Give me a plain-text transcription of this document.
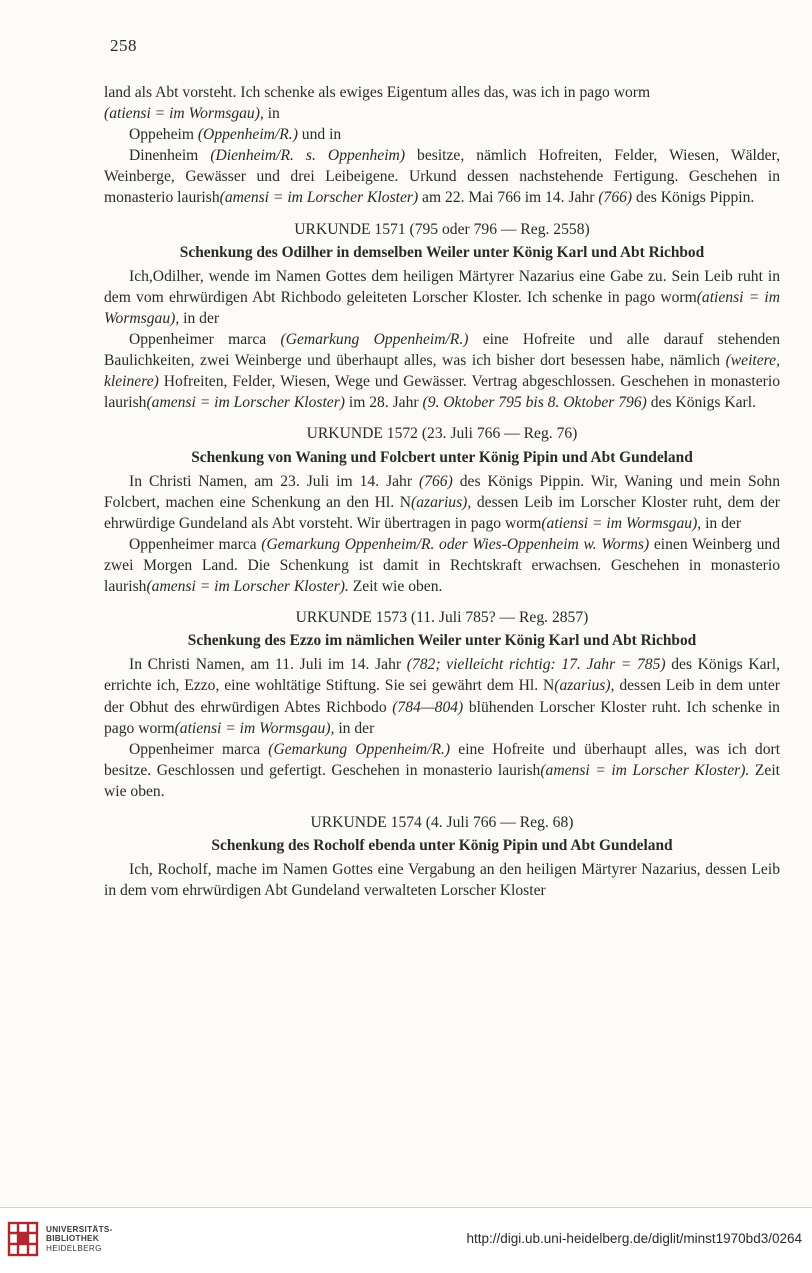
258

land als Abt vorsteht. Ich schenke als ewiges Eigentum alles das, was ich in pago worm
(atiensi = im Wormsgau), in

Oppeheim (Oppenheim/R.) und in

Dinenheim (Dienheim/R. s. Oppenheim) besitze, nämlich Hofreiten, Felder, Wiesen, Wälder, Weinberge, Gewässer und drei Leibeigene. Urkund dessen nachstehende Fertigung. Geschehen in monasterio laurish(amensi = im Lorscher Kloster) am 22. Mai 766 im 14. Jahr (766) des Königs Pippin.

URKUNDE 1571 (795 oder 796 — Reg. 2558)
Schenkung des Odilher in demselben Weiler unter König Karl und Abt Richbod

Ich,Odilher, wende im Namen Gottes dem heiligen Märtyrer Nazarius eine Gabe zu. Sein Leib ruht in dem vom ehrwürdigen Abt Richbodo geleiteten Lorscher Kloster. Ich schenke in pago worm(atiensi = im Wormsgau), in der

Oppenheimer marca (Gemarkung Oppenheim/R.) eine Hofreite und alle darauf stehenden Baulichkeiten, zwei Weinberge und überhaupt alles, was ich bisher dort besessen habe, nämlich (weitere, kleinere) Hofreiten, Felder, Wiesen, Wege und Gewässer. Vertrag abgeschlossen. Geschehen in monasterio laurish(amensi = im Lorscher Kloster) im 28. Jahr (9. Oktober 795 bis 8. Oktober 796) des Königs Karl.

URKUNDE 1572 (23. Juli 766 — Reg. 76)
Schenkung von Waning und Folcbert unter König Pipin und Abt Gundeland

In Christi Namen, am 23. Juli im 14. Jahr (766) des Königs Pippin. Wir, Waning und mein Sohn Folcbert, machen eine Schenkung an den Hl. N(azarius), dessen Leib im Lorscher Kloster ruht, dem der ehrwürdige Gundeland als Abt vorsteht. Wir übertragen in pago worm(atiensi = im Wormsgau), in der

Oppenheimer marca (Gemarkung Oppenheim/R. oder Wies-Oppenheim w. Worms) einen Weinberg und zwei Morgen Land. Die Schenkung ist damit in Rechtskraft erwachsen. Geschehen in monasterio laurish(amensi = im Lorscher Kloster). Zeit wie oben.

URKUNDE 1573 (11. Juli 785? — Reg. 2857)
Schenkung des Ezzo im nämlichen Weiler unter König Karl und Abt Richbod

In Christi Namen, am 11. Juli im 14. Jahr (782; vielleicht richtig: 17. Jahr = 785) des Königs Karl, errichte ich, Ezzo, eine wohltätige Stiftung. Sie sei gewährt dem Hl. N(azarius), dessen Leib in dem unter der Obhut des ehrwürdigen Abtes Richbodo (784—804) blühenden Lorscher Kloster ruht. Ich schenke in pago worm(atiensi = im Wormsgau), in der

Oppenheimer marca (Gemarkung Oppenheim/R.) eine Hofreite und überhaupt alles, was ich dort besitze. Geschlossen und gefertigt. Geschehen in monasterio laurish(amensi = im Lorscher Kloster). Zeit wie oben.

URKUNDE 1574 (4. Juli 766 — Reg. 68)
Schenkung des Rocholf ebenda unter König Pipin und Abt Gundeland

Ich, Rocholf, mache im Namen Gottes eine Vergabung an den heiligen Märtyrer Nazarius, dessen Leib in dem vom ehrwürdigen Abt Gundeland verwalteten Lorscher Kloster

UNIVERSITÄTS-
BIBLIOTHEK
HEIDELBERG
http://digi.ub.uni-heidelberg.de/diglit/minst1970bd3/0264
